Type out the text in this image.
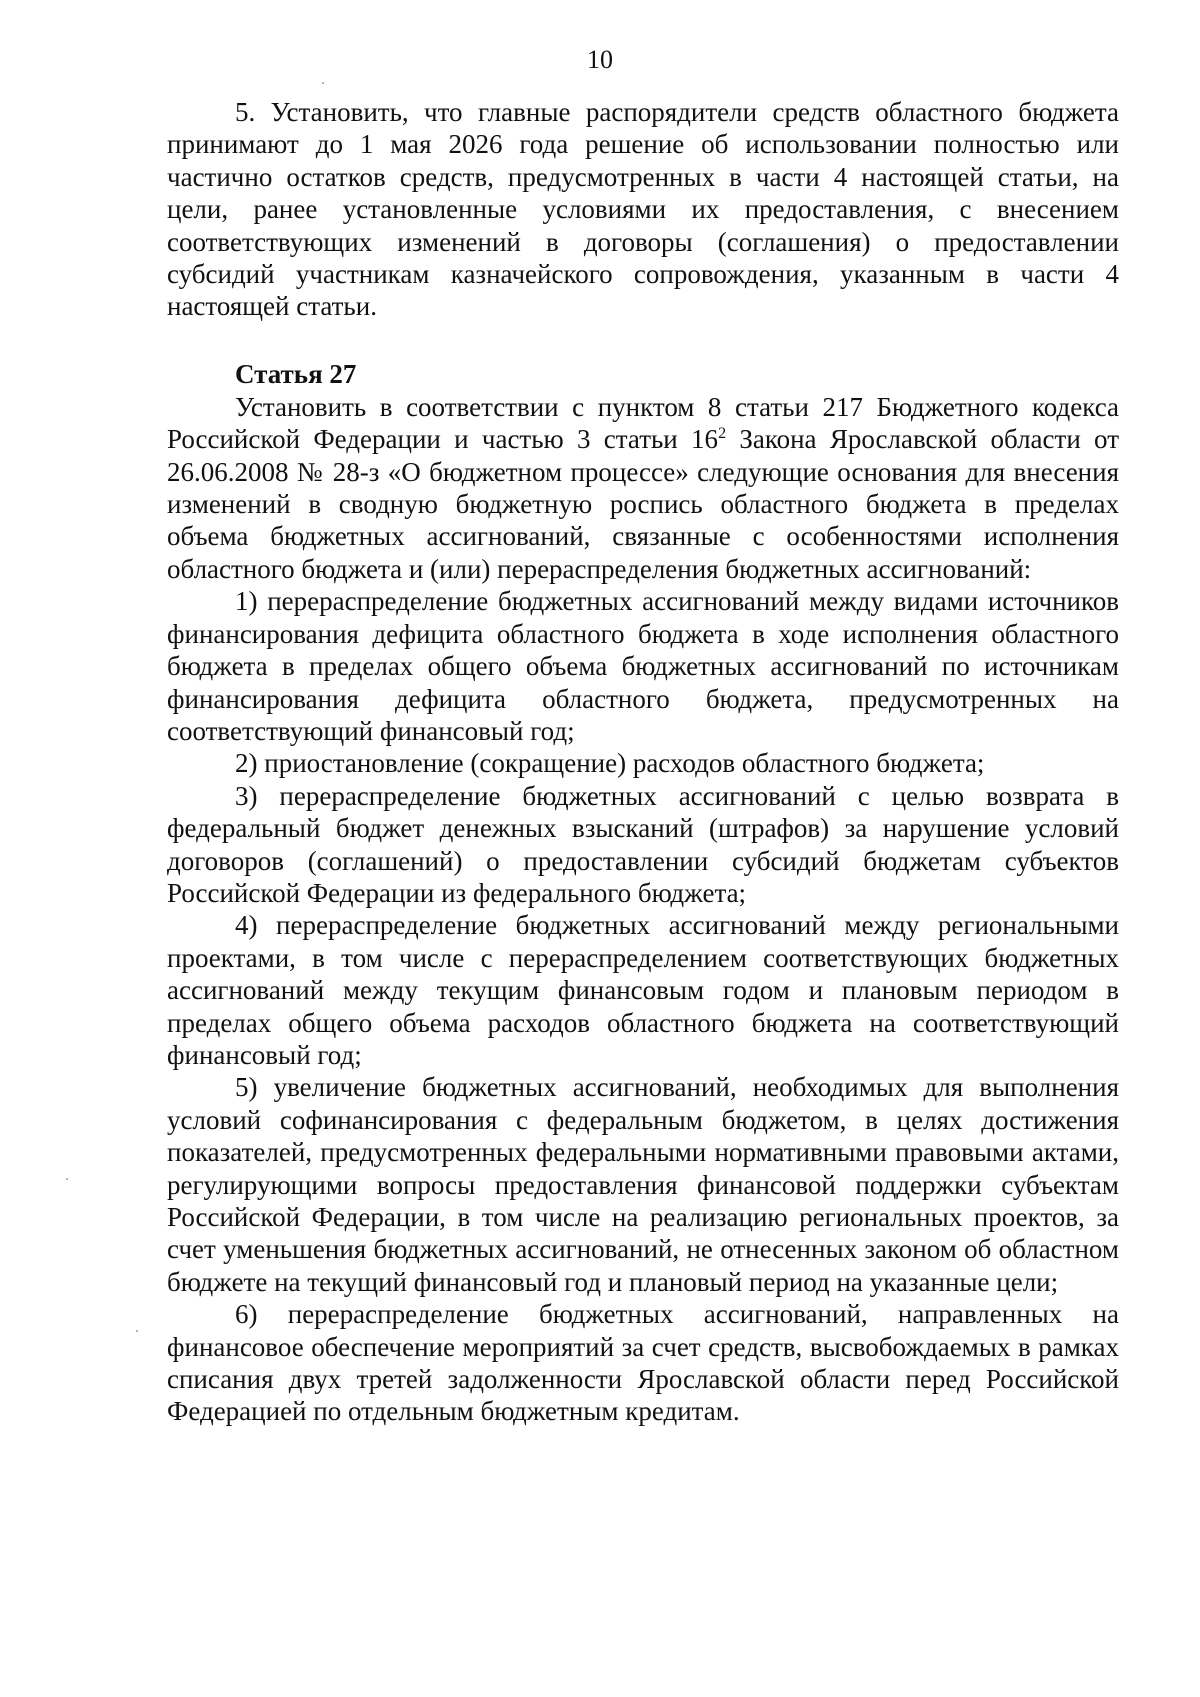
10

5. Установить, что главные распорядители средств областного бюджета принимают до 1 мая 2026 года решение об использовании полностью или частично остатков средств, предусмотренных в части 4 настоящей статьи, на цели, ранее установленные условиями их предоставления, с внесением соответствующих изменений в договоры (соглашения) о предоставлении субсидий участникам казначейского сопровождения, указанным в части 4 настоящей статьи.

Статья 27

Установить в соответствии с пунктом 8 статьи 217 Бюджетного кодекса Российской Федерации и частью 3 статьи $16^2$ Закона Ярославской области от 26.06.2008 № 28-з «О бюджетном процессе» следующие основания для внесения изменений в сводную бюджетную роспись областного бюджета в пределах объема бюджетных ассигнований, связанные с особенностями исполнения областного бюджета и (или) перераспределения бюджетных ассигнований:

1) перераспределение бюджетных ассигнований между видами источников финансирования дефицита областного бюджета в ходе исполнения областного бюджета в пределах общего объема бюджетных ассигнований по источникам финансирования дефицита областного бюджета, предусмотренных на соответствующий финансовый год;

2) приостановление (сокращение) расходов областного бюджета;

3) перераспределение бюджетных ассигнований с целью возврата в федеральный бюджет денежных взысканий (штрафов) за нарушение условий договоров (соглашений) о предоставлении субсидий бюджетам субъектов Российской Федерации из федерального бюджета;

4) перераспределение бюджетных ассигнований между региональными проектами, в том числе с перераспределением соответствующих бюджетных ассигнований между текущим финансовым годом и плановым периодом в пределах общего объема расходов областного бюджета на соответствующий финансовый год;

5) увеличение бюджетных ассигнований, необходимых для выполнения условий софинансирования с федеральным бюджетом, в целях достижения показателей, предусмотренных федеральными нормативными правовыми актами, регулирующими вопросы предоставления финансовой поддержки субъектам Российской Федерации, в том числе на реализацию региональных проектов, за счет уменьшения бюджетных ассигнований, не отнесенных законом об областном бюджете на текущий финансовый год и плановый период на указанные цели;

6) перераспределение бюджетных ассигнований, направленных на финансовое обеспечение мероприятий за счет средств, высвобождаемых в рамках списания двух третей задолженности Ярославской области перед Российской Федерацией по отдельным бюджетным кредитам.
